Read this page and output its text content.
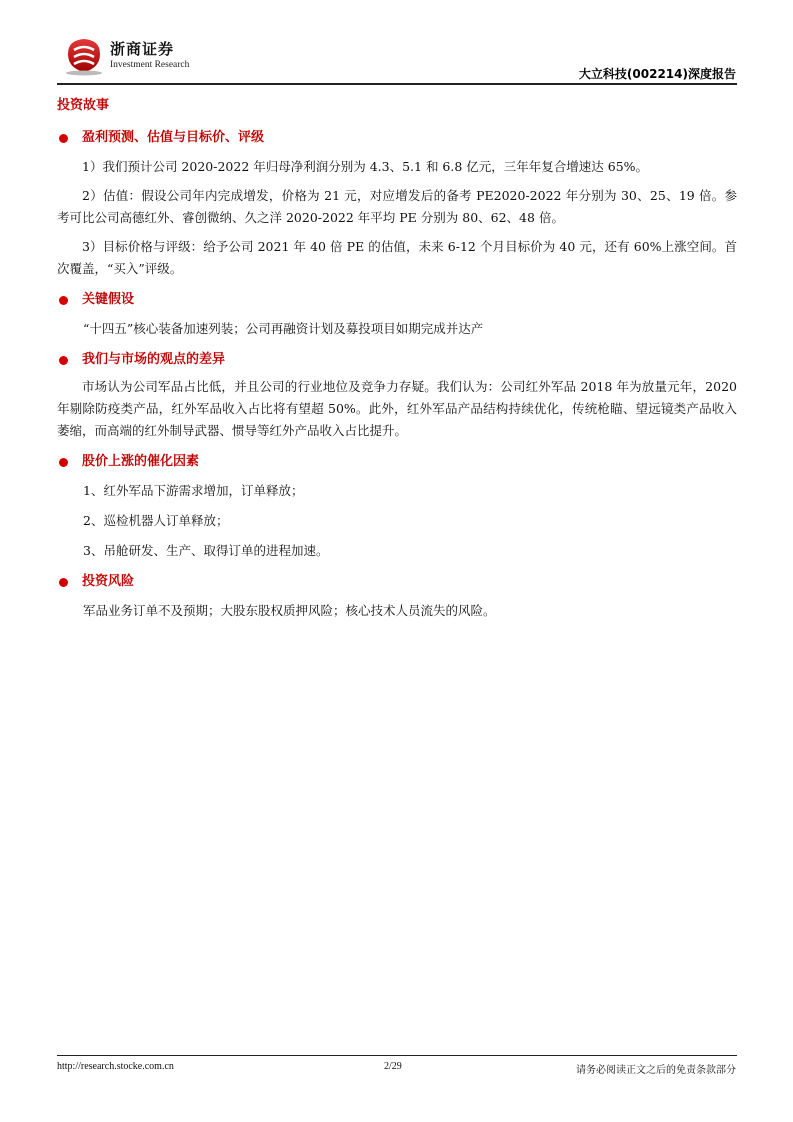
浙商证券
Investment Research
大立科技(002214)深度报告
投资故事
盈利预测、估值与目标价、评级

1）我们预计公司 2020-2022 年归母净利润分别为 4.3、5.1 和 6.8 亿元，三年年复合增速达 65%。

2）估值：假设公司年内完成增发，价格为 21 元，对应增发后的备考 PE2020-2022 年分别为 30、25、19 倍。参考可比公司高德红外、睿创微纳、久之洋 2020-2022 年平均 PE 分别为 80、62、48 倍。

3）目标价格与评级：给予公司 2021 年 40 倍 PE 的估值，未来 6-12 个月目标价为 40 元，还有 60%上涨空间。首次覆盖，“买入”评级。

关键假设

“十四五”核心装备加速列装；公司再融资计划及募投项目如期完成并达产

我们与市场的观点的差异

市场认为公司军品占比低，并且公司的行业地位及竞争力存疑。我们认为：公司红外军品 2018 年为放量元年，2020 年剔除防疫类产品，红外军品收入占比将有望超 50%。此外，红外军品产品结构持续优化，传统枪瞄、望远镜类产品收入萎缩，而高端的红外制导武器、惯导等红外产品收入占比提升。

股价上涨的催化因素

1、红外军品下游需求增加，订单释放；

2、巡检机器人订单释放；

3、吊舱研发、生产、取得订单的进程加速。

投资风险

军品业务订单不及预期；大股东股权质押风险；核心技术人员流失的风险。

http://research.stocke.com.cn	2/29	请务必阅读正文之后的免责条款部分
